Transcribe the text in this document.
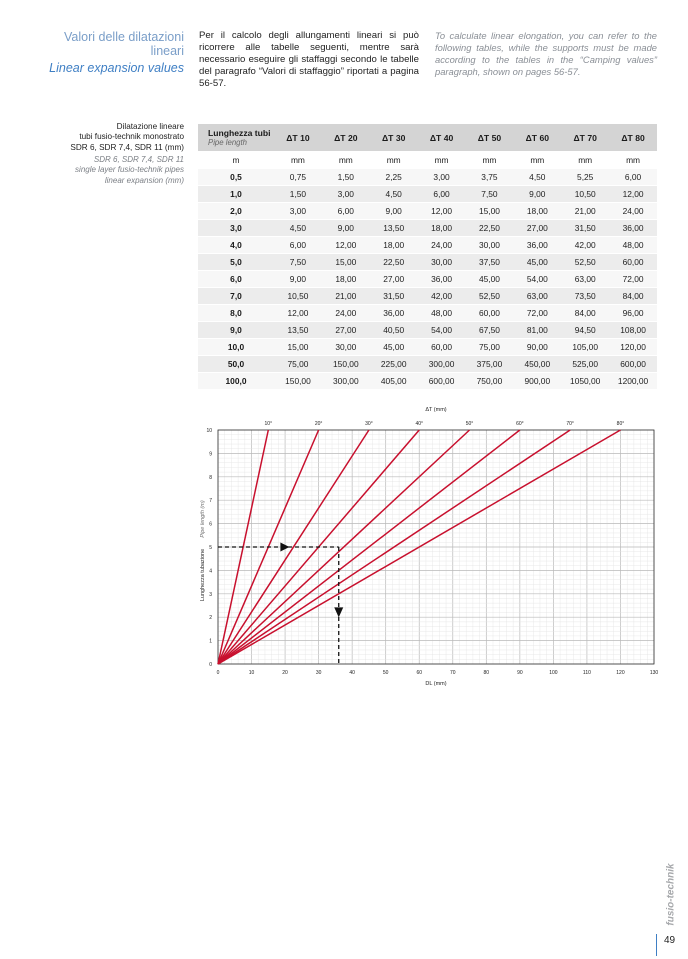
Valori delle dilatazioni lineari
Linear expansion values
Per il calcolo degli allungamenti lineari si può ricorrere alle tabelle seguenti, mentre sarà necessario eseguire gli staffaggi secondo le tabelle del paragrafo “Valori di staffaggio” riportati a pagina 56-57.
To calculate linear elongation, you can refer to the following tables, while the supports must be made according to the tables in the “Camping values” paragraph, shown on pages 56-57.
Dilatazione lineare
tubi fusio-technik monostrato
SDR 6, SDR 7,4, SDR 11 (mm)
SDR 6, SDR 7,4, SDR 11
single layer fusio-technik pipes
linear expansion (mm)
Lunghezza tubi
Pipe length	ΔT 10	ΔT 20	ΔT 30	ΔT 40	ΔT 50	ΔT 60	ΔT 70	ΔT 80
m	mm	mm	mm	mm	mm	mm	mm	mm
0,5	0,75	1,50	2,25	3,00	3,75	4,50	5,25	6,00
1,0	1,50	3,00	4,50	6,00	7,50	9,00	10,50	12,00
2,0	3,00	6,00	9,00	12,00	15,00	18,00	21,00	24,00
3,0	4,50	9,00	13,50	18,00	22,50	27,00	31,50	36,00
4,0	6,00	12,00	18,00	24,00	30,00	36,00	42,00	48,00
5,0	7,50	15,00	22,50	30,00	37,50	45,00	52,50	60,00
6,0	9,00	18,00	27,00	36,00	45,00	54,00	63,00	72,00
7,0	10,50	21,00	31,50	42,00	52,50	63,00	73,50	84,00
8,0	12,00	24,00	36,00	48,00	60,00	72,00	84,00	96,00
9,0	13,50	27,00	40,50	54,00	67,50	81,00	94,50	108,00
10,0	15,00	30,00	45,00	60,00	75,00	90,00	105,00	120,00
50,0	75,00	150,00	225,00	300,00	375,00	450,00	525,00	600,00
100,0	150,00	300,00	405,00	600,00	750,00	900,00	1050,00	1200,00
10°	20°	30°	40°	50°	60°	70°	80°
0	10	20	30	40	50	60	70	80	90	100	110	120	130
0
1
2
3
4
5
6
7
8
9
10
ΔT (mm)
DL (mm)
Lunghezza tubazione
Pipe length (m)
fusio-technik
49
